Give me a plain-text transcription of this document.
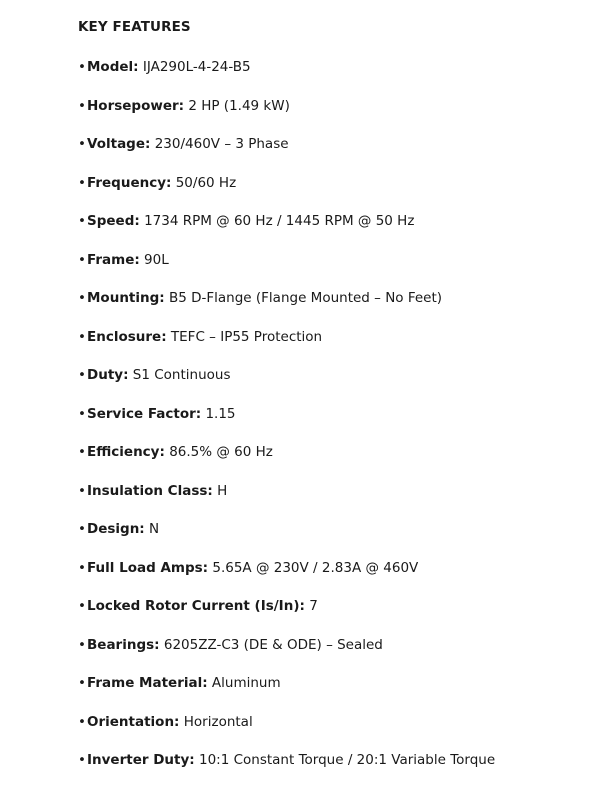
KEY FEATURES
•Model: IJA290L-4-24-B5
•Horsepower: 2 HP (1.49 kW)
•Voltage: 230/460V – 3 Phase
•Frequency: 50/60 Hz
•Speed: 1734 RPM @ 60 Hz / 1445 RPM @ 50 Hz
•Frame: 90L
•Mounting: B5 D-Flange (Flange Mounted – No Feet)
•Enclosure: TEFC – IP55 Protection
•Duty: S1 Continuous
•Service Factor: 1.15
•Efficiency: 86.5% @ 60 Hz
•Insulation Class: H
•Design: N
•Full Load Amps: 5.65A @ 230V / 2.83A @ 460V
•Locked Rotor Current (Is/In): 7
•Bearings: 6205ZZ-C3 (DE & ODE) – Sealed
•Frame Material: Aluminum
•Orientation: Horizontal
•Inverter Duty: 10:1 Constant Torque / 20:1 Variable Torque
